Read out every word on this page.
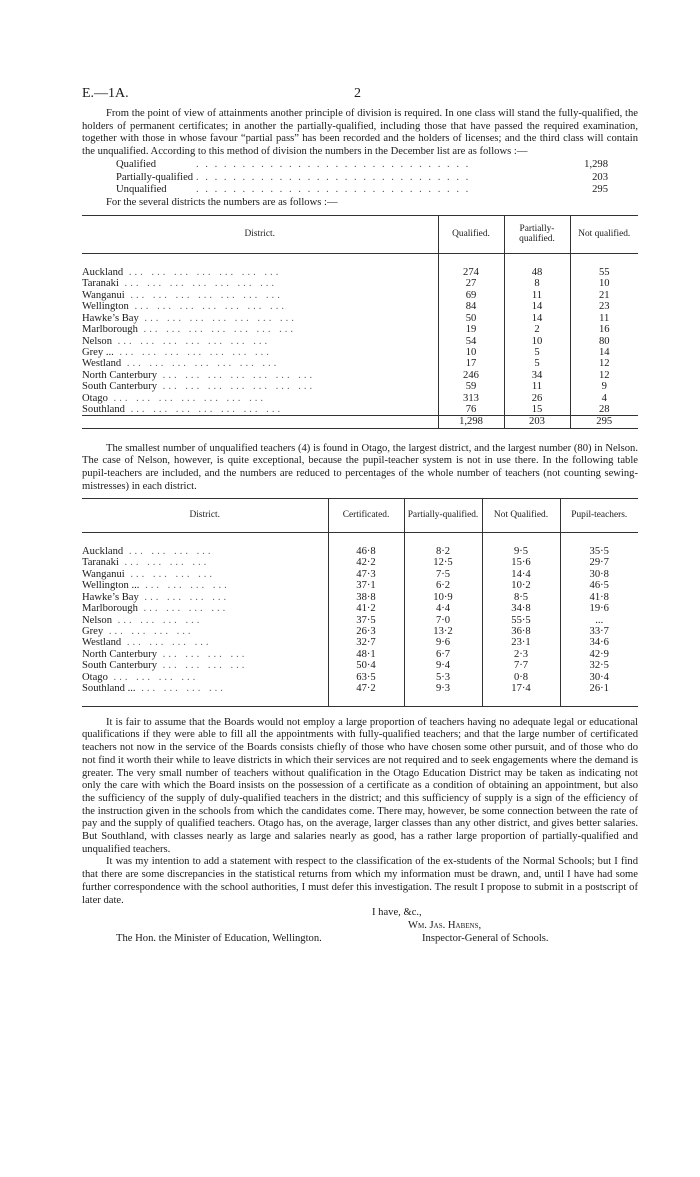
E.—1A.	2

From the point of view of attainments another principle of division is required. In one class will stand the fully-qualified, the holders of permanent certificates; in another the partially-qualified, including those that have passed the required examination, together with those in whose favour “partial pass” has been recorded and the holders of licenses; and the third class will contain the unqualified. According to this method of division the numbers in the December list are as follows :—

Qualified	. . . . . . . . . . . . . . . . . . . . . . . . . . . . . .	1,298
Partially-qualified . . . . . . . . . . . . . . . . . . . . . . . . . . . . . .	203
Unqualified	. . . . . . . . . . . . . . . . . . . . . . . . . . . . . .	295
For the several districts the numbers are as follows :—
District.	Qualified.	Partially-qualified.	Not qualified.

Auckland ... ... ... ... ... ... ...	274	48	55
Taranaki ... ... ... ... ... ... ...	27	8	10
Wanganui ... ... ... ... ... ... ...	69	11	21
Wellington ... ... ... ... ... ... ...	84	14	23
Hawke’s Bay ... ... ... ... ... ... ...	50	14	11
Marlborough ... ... ... ... ... ... ...	19	2	16
Nelson ... ... ... ... ... ... ...	54	10	80
Grey ... ... ... ... ... ... ... ...	10	5	14
Westland ... ... ... ... ... ... ...	17	5	12
North Canterbury ... ... ... ... ... ... ...	246	34	12
South Canterbury ... ... ... ... ... ... ...	59	11	9
Otago ... ... ... ... ... ... ...	313	26	4
Southland ... ... ... ... ... ... ...	76	15	28
	1,298	203	295

The smallest number of unqualified teachers (4) is found in Otago, the largest district, and the largest number (80) in Nelson. The case of Nelson, however, is quite exceptional, because the pupil-teacher system is not in use there. In the following table pupil-teachers are included, and the numbers are reduced to percentages of the whole number of teachers (not counting sewing-mistresses) in each district.

District.	Certificated.	Partially-qualified.	Not Qualified.	Pupil-teachers.

Auckland ... ... ... ...	46·8	8·2	9·5	35·5
Taranaki ... ... ... ...	42·2	12·5	15·6	29·7
Wanganui ... ... ... ...	47·3	7·5	14·4	30·8
Wellington ... ... ... ... ...	37·1	6·2	10·2	46·5
Hawke’s Bay ... ... ... ...	38·8	10·9	8·5	41·8
Marlborough ... ... ... ...	41·2	4·4	34·8	19·6
Nelson ... ... ... ...	37·5	7·0	55·5	...
Grey ... ... ... ...	26·3	13·2	36·8	33·7
Westland ... ... ... ...	32·7	9·6	23·1	34·6
North Canterbury ... ... ... ...	48·1	6·7	2·3	42·9
South Canterbury ... ... ... ...	50·4	9·4	7·7	32·5
Otago ... ... ... ...	63·5	5·3	0·8	30·4
Southland ... ... ... ... ...	47·2	9·3	17·4	26·1

It is fair to assume that the Boards would not employ a large proportion of teachers having no adequate legal or educational qualifications if they were able to fill all the appointments with fully-qualified teachers; and that the large number of certificated teachers not now in the service of the Boards consists chiefly of those who have chosen some other pursuit, and of those who do not find it worth their while to leave districts in which their services are not required and to seek engagements where the demand is greater. The very small number of teachers without qualification in the Otago Education District may be taken as indicating not only the care with which the Board insists on the possession of a certificate as a condition of obtaining an appointment, but also the sufficiency of the supply of duly-qualified teachers in the district; and this sufficiency of supply is a sign of the efficiency of the instruction given in the schools from which the candidates come. There may, however, be some connection between the rate of pay and the supply of qualified teachers. Otago has, on the average, larger classes than any other district, and gives better salaries. But Southland, with classes nearly as large and salaries nearly as good, has a rather large proportion of partially-qualified and unqualified teachers.

It was my intention to add a statement with respect to the classification of the ex-students of the Normal Schools; but I find that there are some discrepancies in the statistical returns from which my information must be drawn, and, until I have had some further correspondence with the school authorities, I must defer this investigation. The result I propose to submit in a postscript of later date.

I have, &c.,
Wm. Jas. Habens,
The Hon. the Minister of Education, Wellington.	Inspector-General of Schools.
